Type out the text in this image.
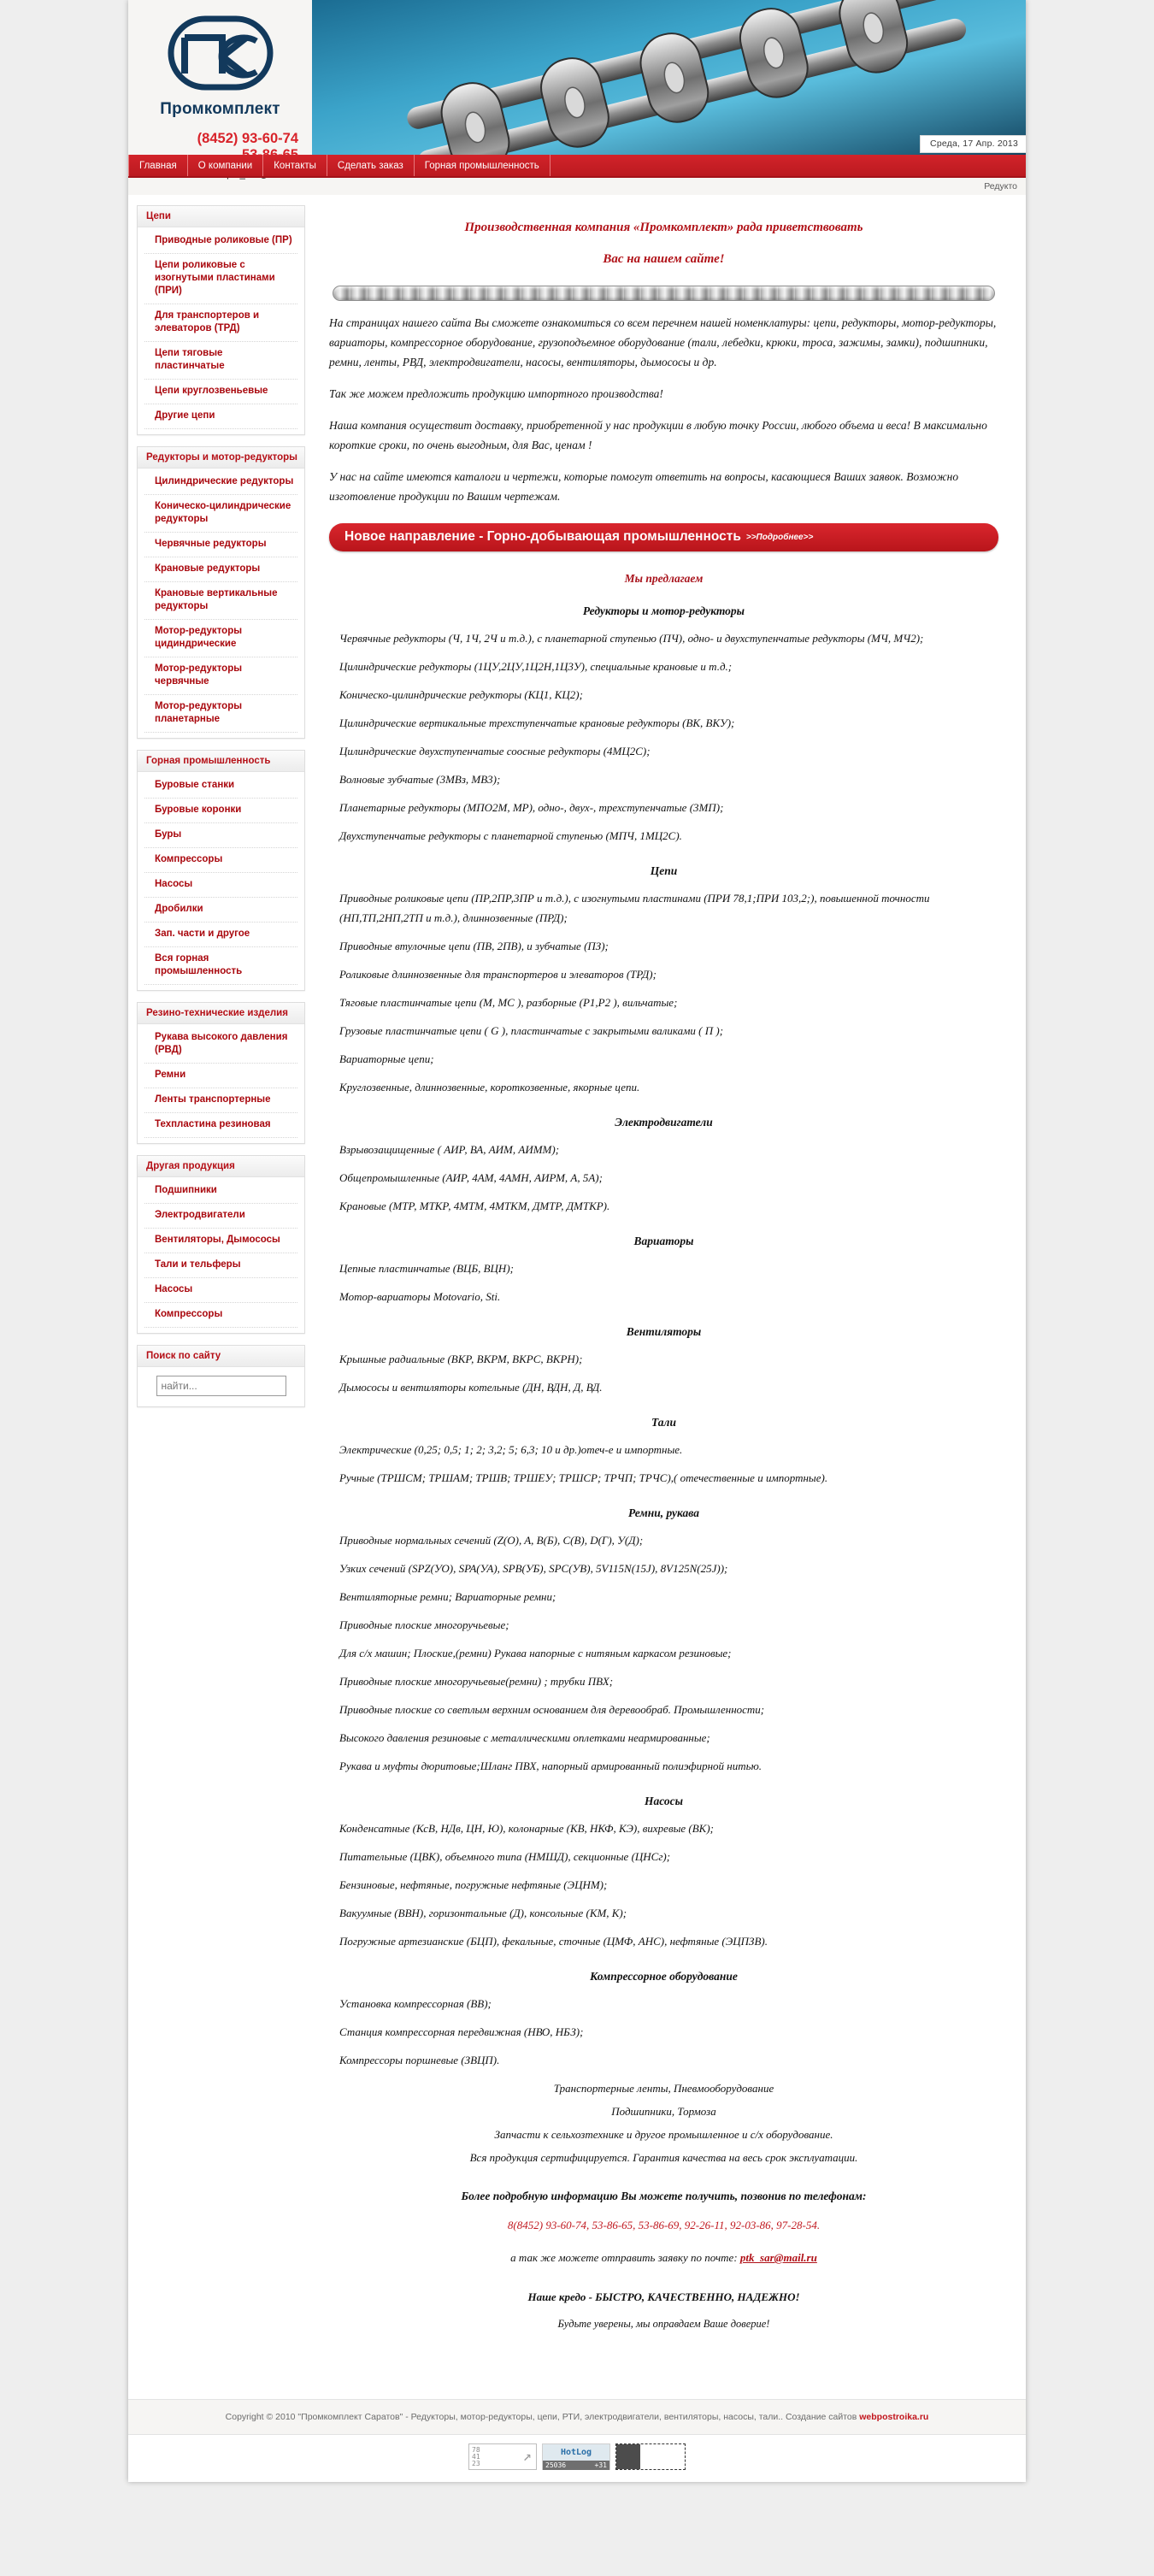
Промкомплект
(8452) 93-60-74	Среда, 17 Апр. 2013
Главная	О компании	Контакты	Сделать заказ	Горная промышленность
Редукто
Цепи
Приводные роликовые (ПР)
Цепи роликовые с изогнутыми пластинами (ПРИ)
Для транспортеров и элеваторов (ТРД)
Цепи тяговые пластинчатые
Цепи круглозвеньевые
Другие цепи
Редукторы и мотор-редукторы
Цилиндрические редукторы
Коническо-цилиндрические редукторы
Червячные редукторы
Крановые редукторы
Крановые вертикальные редукторы
Мотор-редукторы цидиндрические
Мотор-редукторы червячные
Мотор-редукторы планетарные
Горная промышленность
Буровые станки
Буровые коронки
Буры
Компрессоры
Насосы
Дробилки
Зап. части и другое
Вся горная промышленность
Резино-технические изделия
Рукава высокого давления (РВД)
Ремни
Ленты транспортерные
Техпластина резиновая
Другая продукция
Подшипники
Электродвигатели
Вентиляторы, Дымососы
Тали и тельферы
Насосы
Компрессоры
Поиск по сайту
найти...
Производственная компания «Промкомплект» рада приветствовать
Вас на нашем сайте!

На страницах нашего сайта Вы сможете ознакомиться со всем перечнем нашей номенклатуры: цепи, редукторы, мотор-редукторы, вариаторы, компрессорное оборудование, грузоподъемное оборудование (тали, лебедки, крюки, троса, зажимы, замки), подшипники, ремни, ленты, РВД, электродвигатели, насосы, вентиляторы, дымососы и др.

Так же можем предложить продукцию импортного производства!

Наша компания осуществит доставку, приобретенной у нас продукции в любую точку России, любого объема и веса! В максимально короткие сроки, по очень выгодным, для Вас, ценам !

У нас на сайте имеются каталоги и чертежи, которые помогут ответить на вопросы, касающиеся Ваших заявок. Возможно изготовление продукции по Вашим чертежам.

Новое направление - Горно-добывающая промышленность >>Подробнее>>
Мы предлагаем
Редукторы и мотор-редукторы

Червячные редукторы (Ч, 1Ч, 2Ч и т.д.), с планетарной ступенью (ПЧ), одно- и двухступенчатые редукторы (МЧ, МЧ2);

Цилиндрические редукторы (1ЦУ,2ЦУ,1Ц2Н,1Ц3У), специальные крановые и т.д.;

Коническо-цилиндрические редукторы (КЦ1, КЦ2);

Цилиндрические вертикальные трехступенчатые крановые редукторы (ВК, ВКУ);

Цилиндрические двухступенчатые соосные редукторы (4МЦ2С);

Волновые зубчатые (3МВз, МВ3);

Планетарные редукторы (МПО2М, МР), одно-, двух-, трехступенчатые (3МП);

Двухступенчатые редукторы с планетарной ступенью (МПЧ, 1МЦ2С).

Цепи

Приводные роликовые цепи (ПР,2ПР,3ПР и т.д.), с изогнутыми пластинами (ПРИ 78,1;ПРИ 103,2;), повышенной точности (НП,ТП,2НП,2ТП и т.д.), длиннозвенные (ПРД);

Приводные втулочные цепи (ПВ, 2ПВ), и зубчатые (ПЗ);

Роликовые длиннозвенные для транспортеров и элеваторов (ТРД);

Тяговые пластинчатые цепи (М, МС ), разборные (Р1,Р2 ), вильчатые;

Грузовые пластинчатые цепи ( G ), пластинчатые с закрытыми валиками ( П );

Вариаторные цепи;

Круглозвенные, длиннозвенные, короткозвенные, якорные цепи.

Электродвигатели

Взрывозащищенные ( АИР, ВА, АИМ, АИММ);

Общепромышленные (АИР, 4АМ, 4АМН, АИРМ, А, 5А);

Крановые (МТР, МТКР, 4МТМ, 4МТКМ, ДМТР, ДМТКР).

Вариаторы

Цепные пластинчатые (ВЦБ, ВЦН);

Мотор-вариаторы Motovario, Sti.

Вентиляторы

Крышные радиальные (ВКР, ВКРМ, ВКРС, ВКРН);

Дымососы и вентиляторы котельные (ДН, ВДН, Д, ВД.

Тали

Электрические (0,25; 0,5; 1; 2; 3,2; 5; 6,3; 10 и др.)отеч-е и импортные.

Ручные (ТРШСМ; ТРШАМ; ТРШВ; ТРШЕУ; ТРШСР; ТРЧП; ТРЧС),( отечественные и импортные).

Ремни, рукава

Приводные нормальных сечений (Z(O), A, B(Б), C(В), D(Г), У(Д);

Узких сечений (SPZ(УО), SPA(УА), SPB(УБ), SPC(УВ), 5V115N(15J), 8V125N(25J));

Вентиляторные ремни; Вариаторные ремни;

Приводные плоские многоручьевые;

Для с/х машин; Плоские,(ремни) Рукава напорные с нитяным каркасом резиновые;

Приводные плоские многоручьевые(ремни) ; трубки ПВХ;

Приводные плоские со светлым верхним основанием для деревообраб. Промышленности;

Высокого давления резиновые с металлическими оплетками неармированные;

Рукава и муфты дюритовые;Шланг ПВХ, напорный армированный полиэфирной нитью.

Насосы

Конденсатные (КсВ, НДв, ЦН, Ю), колонарные (КВ, НКФ, КЭ), вихревые (ВК);

Питательные (ЦВК), объемного типа (НМШД), секционные (ЦНСг);

Бензиновые, нефтяные, погружные нефтяные (ЭЦНМ);

Вакуумные (ВВН), горизонтальные (Д), консольные (КМ, К);

Погружные артезианские (БЦП), фекальные, сточные (ЦМФ, АНС), нефтяные (ЭЦПЗВ).

Компрессорное оборудование

Установка компрессорная (ВВ);

Станция компрессорная передвижная (НВО, НБЗ);

Компрессоры поршневые (ЗВЦП).

Транспортерные ленты, Пневмооборудование
Подшипники, Тормоза
Запчасти к сельхозтехнике и другое промышленное и с/х оборудование.
Вся продукция сертифицируется. Гарантия качества на весь срок эксплуатации.
Более подробную информацию Вы можете получить, позвонив по телефонам:
8(8452) 93-60-74, 53-86-65, 53-86-69, 92-26-11, 92-03-86, 97-28-54.
а так же можете отправить заявку по почте: ptk_sar@mail.ru
Наше кредо - БЫСТРО, КАЧЕСТВЕННО, НАДЕЖНО!
Будьте уверены, мы оправдаем Ваше доверие!
Copyright © 2010 "Промкомплект Саратов" - Редукторы, мотор-редукторы, цепи, РТИ, электродвигатели, вентиляторы, насосы, тали.. Создание сайтов webpostroika.ru
78
41
23	↗	HotLog
25036	+31
